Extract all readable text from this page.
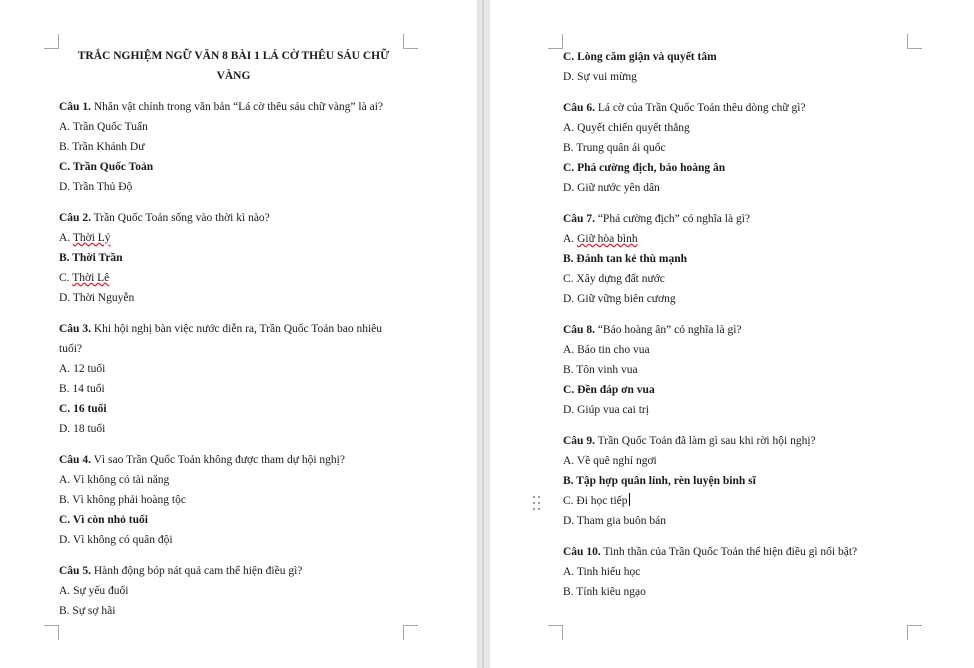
TRẮC NGHIỆM NGỮ VĂN 8 BÀI 1 LÁ CỜ THÊU SÁU CHỮ
VÀNG

Câu 1. Nhân vật chính trong văn bản “Lá cờ thêu sáu chữ vàng” là ai?

A. Trần Quốc Tuấn

B. Trần Khánh Dư

C. Trần Quốc Toản

D. Trần Thủ Độ

Câu 2. Trần Quốc Toản sống vào thời kì nào?

A. Thời Lý

B. Thời Trần

C. Thời Lê

D. Thời Nguyễn

Câu 3. Khi hội nghị bàn việc nước diễn ra, Trần Quốc Toản bao nhiêu

tuổi?

A. 12 tuổi

B. 14 tuổi

C. 16 tuổi

D. 18 tuổi

Câu 4. Vì sao Trần Quốc Toản không được tham dự hội nghị?

A. Vì không có tài năng

B. Vì không phải hoàng tộc

C. Vì còn nhỏ tuổi

D. Vì không có quân đội

Câu 5. Hành động bóp nát quả cam thể hiện điều gì?

A. Sự yếu đuối

B. Sự sợ hãi

C. Lòng căm giận và quyết tâm

D. Sự vui mừng

Câu 6. Lá cờ của Trần Quốc Toản thêu dòng chữ gì?

A. Quyết chiến quyết thắng

B. Trung quân ái quốc

C. Phá cường địch, báo hoàng ân

D. Giữ nước yên dân

Câu 7. “Phá cường địch” có nghĩa là gì?

A. Giữ hòa bình

B. Đánh tan kẻ thù mạnh

C. Xây dựng đất nước

D. Giữ vững biên cương

Câu 8. “Báo hoàng ân” có nghĩa là gì?

A. Báo tin cho vua

B. Tôn vinh vua

C. Đền đáp ơn vua

D. Giúp vua cai trị

Câu 9. Trần Quốc Toản đã làm gì sau khi rời hội nghị?

A. Về quê nghỉ ngơi

B. Tập hợp quân lính, rèn luyện binh sĩ

C. Đi học tiếp

D. Tham gia buôn bán

Câu 10. Tinh thần của Trần Quốc Toản thể hiện điều gì nổi bật?

A. Tinh hiếu học

B. Tính kiêu ngạo
